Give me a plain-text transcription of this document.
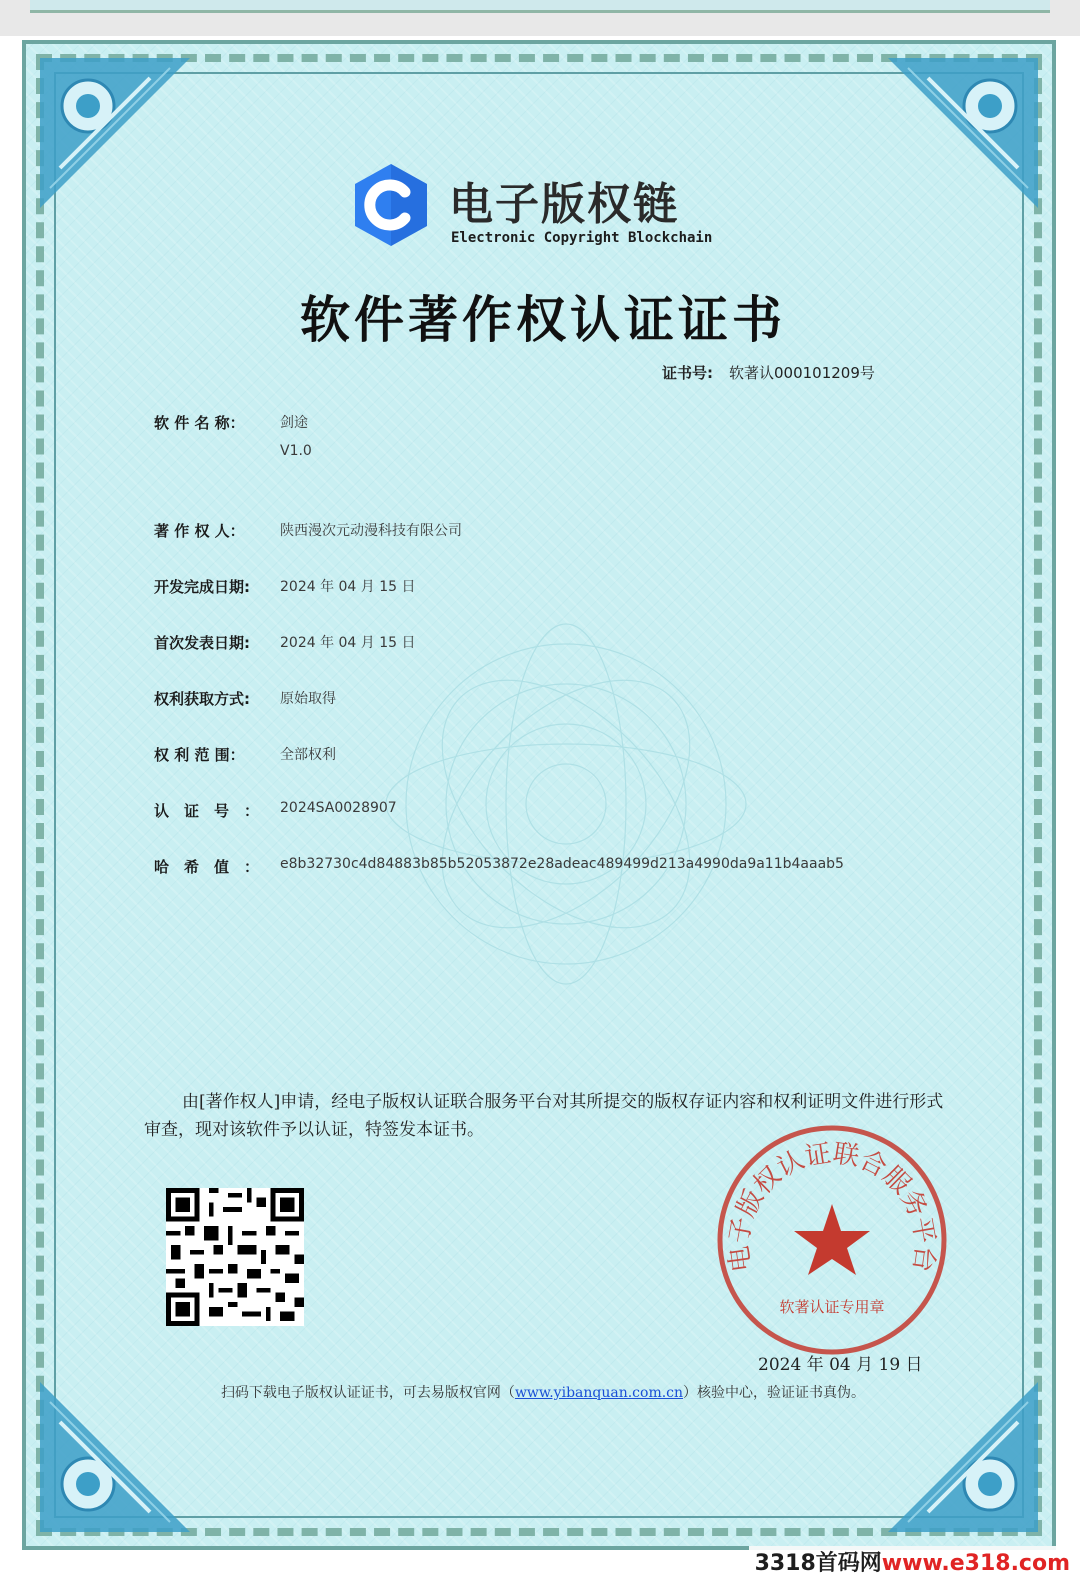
电子版权链
Electronic Copyright Blockchain
软件著作权认证证书
证书号: 软著认000101209号
软 件 名 称：	剑途
V1.0
著 作 权 人：	陕西漫次元动漫科技有限公司
开发完成日期: 2024 年 04 月 15 日
首次发表日期: 2024 年 04 月 15 日
权利获取方式: 原始取得
权 利 范 围：	全部权利
认　证　号　： 2024SA0028907
哈　希　值　： e8b32730c4d84883b85b52053872e28adeac489499d213a4990da9a11b4aaab5
由[著作权人]申请，经电子版权认证联合服务平台对其所提交的版权存证内容和权利证明文件进行形式审查，现对该软件予以认证，特签发本证书。
电子版权认证联合服务平台
软著认证专用章
2024 年 04 月 19 日
扫码下载电子版权认证证书，可去易版权官网（www.yibanquan.com.cn）核验中心，验证证书真伪。
3318首码网www.e318.com
